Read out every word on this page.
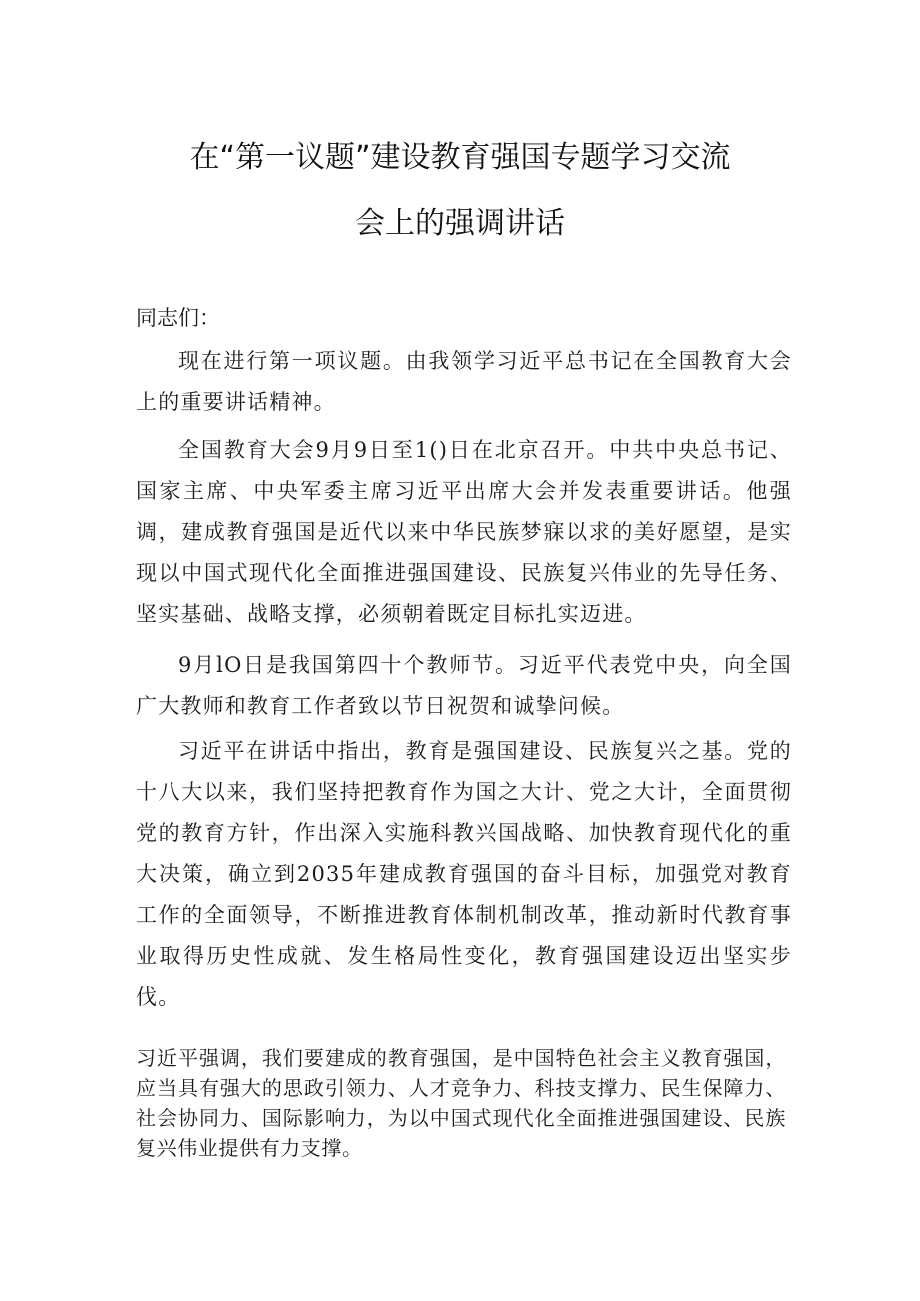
在“第一议题”建设教育强国专题学习交流
会上的强调讲话
同志们：

现在进行第一项议题。由我领学习近平总书记在全国教育大会上的重要讲话精神。

全国教育大会9月9日至1()日在北京召开。中共中央总书记、国家主席、中央军委主席习近平出席大会并发表重要讲话。他强调，建成教育强国是近代以来中华民族梦寐以求的美好愿望，是实现以中国式现代化全面推进强国建设、民族复兴伟业的先导任务、坚实基础、战略支撑，必须朝着既定目标扎实迈进。

9月lO日是我国第四十个教师节。习近平代表党中央，向全国广大教师和教育工作者致以节日祝贺和诚挚问候。

习近平在讲话中指出，教育是强国建设、民族复兴之基。党的十八大以来，我们坚持把教育作为国之大计、党之大计，全面贯彻党的教育方针，作出深入实施科教兴国战略、加快教育现代化的重大决策，确立到2035年建成教育强国的奋斗目标，加强党对教育工作的全面领导，不断推进教育体制机制改革，推动新时代教育事业取得历史性成就、发生格局性变化，教育强国建设迈出坚实步伐。

习近平强调，我们要建成的教育强国，是中国特色社会主义教育强国，应当具有强大的思政引领力、人才竞争力、科技支撑力、民生保障力、社会协同力、国际影响力，为以中国式现代化全面推进强国建设、民族复兴伟业提供有力支撑。
